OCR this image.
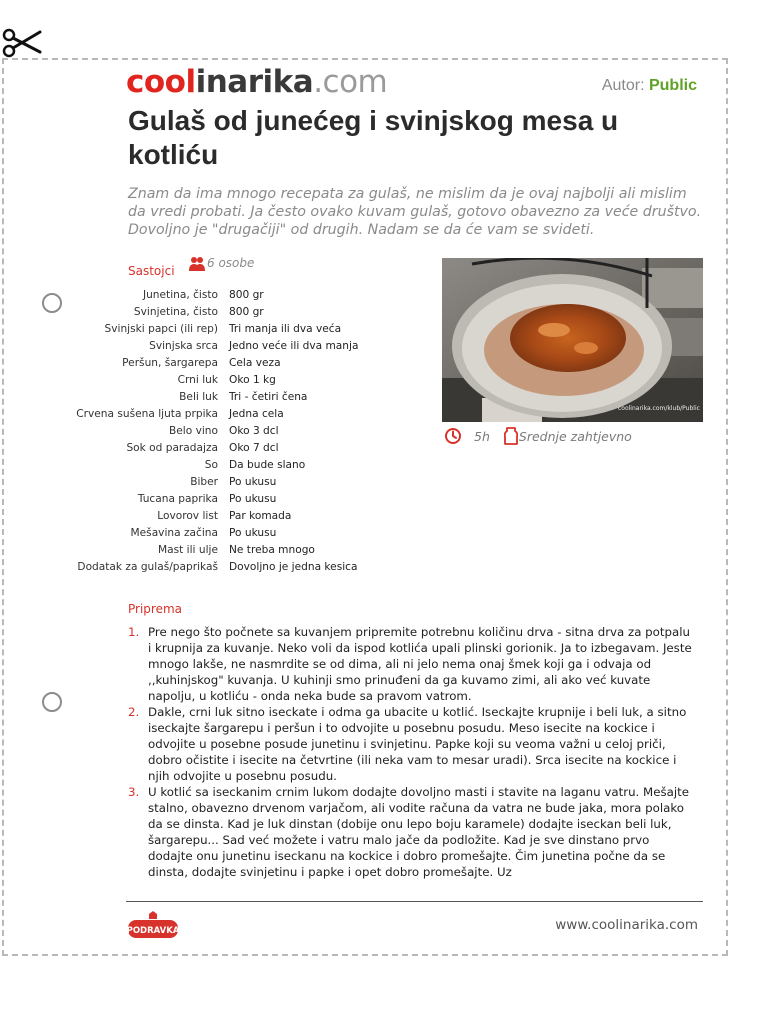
coolinarika.com	Autor: Public
Gulaš od junećeg i svinjskog mesa u kotliću

Znam da ima mnogo recepata za gulaš, ne mislim da je ovaj najbolji ali mislim da vredi probati. Ja često ovako kuvam gulaš, gotovo obavezno za veće društvo. Dovoljno je "drugačiji" od drugih. Nadam se da će vam se svideti.

Sastojci
6 osobe
Junetina, čisto	800 gr
Svinjetina, čisto	800 gr
Svinjski papci (ili rep)	Tri manja ili dva veća
Svinjska srca	Jedno veće ili dva manja
Peršun, šargarepa	Cela veza
Crni luk	Oko 1 kg
Beli luk	Tri - četiri čena
Crvena sušena ljuta prpika	Jedna cela
Belo vino	Oko 3 dcl
Sok od paradajza	Oko 7 dcl
So	Da bude slano
Biber	Po ukusu
Tucana paprika	Po ukusu
Lovorov list	Par komada
Mešavina začina	Po ukusu
Mast ili ulje	Ne treba mnogo
Dodatak za gulaš/paprikaš	Dovoljno je jedna kesica
coolinarika.com/klub/Public
5h Srednje zahtjevno
Priprema
1. Pre nego što počnete sa kuvanjem pripremite potrebnu količinu drva - sitna drva za potpalu i krupnija za kuvanje. Neko voli da ispod kotlića upali plinski gorionik. Ja to izbegavam. Jeste mnogo lakše, ne nasmrdite se od dima, ali ni jelo nema onaj šmek koji ga i odvaja od ,,kuhinjskog" kuvanja. U kuhinji smo prinuđeni da ga kuvamo zimi, ali ako već kuvate napolju, u kotliću - onda neka bude sa pravom vatrom.
2. Dakle, crni luk sitno iseckate i odma ga ubacite u kotlić. Iseckajte krupnije i beli luk, a sitno iseckajte šargarepu i peršun i to odvojite u posebnu posudu. Meso isecite na kockice i odvojite u posebne posude junetinu i svinjetinu. Papke koji su veoma važni u celoj priči, dobro očistite i isecite na četvrtine (ili neka vam to mesar uradi). Srca isecite na kockice i njih odvojite u posebnu posudu.
3. U kotlić sa iseckanim crnim lukom dodajte dovoljno masti i stavite na laganu vatru. Mešajte stalno, obavezno drvenom varjačom, ali vodite računa da vatra ne bude jaka, mora polako da se dinsta. Kad je luk dinstan (dobije onu lepo boju karamele) dodajte iseckan beli luk, šargarepu... Sad već možete i vatru malo jače da podložite. Kad je sve dinstano prvo dodajte onu junetinu iseckanu na kockice i dobro promešajte. Čim junetina počne da se dinsta, dodajte svinjetinu i papke i opet dobro promešajte. Uz
PODRAVKA	www.coolinarika.com
